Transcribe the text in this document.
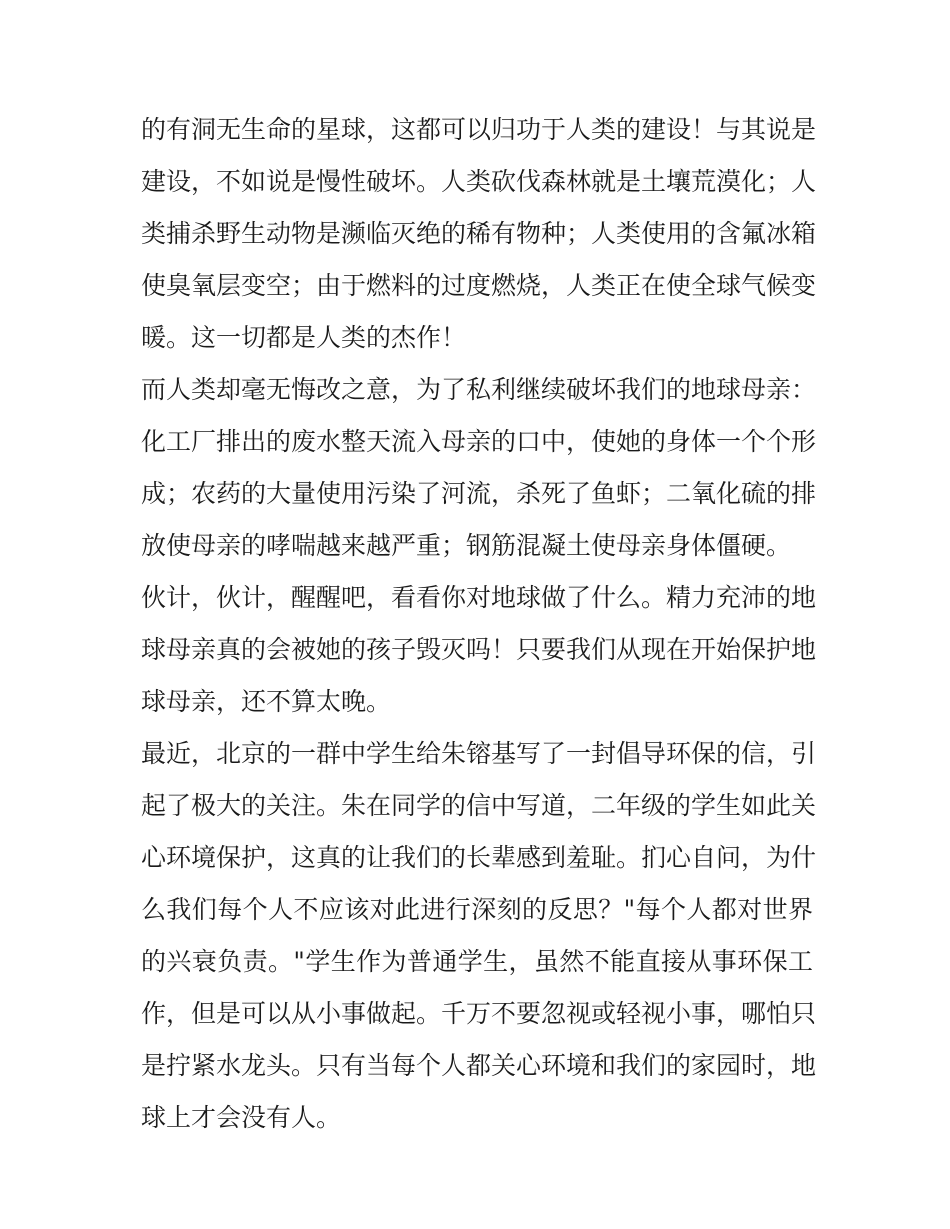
的有洞无生命的星球，这都可以归功于人类的建设！与其说是
建设，不如说是慢性破坏。人类砍伐森林就是土壤荒漠化；人
类捕杀野生动物是濒临灭绝的稀有物种；人类使用的含氟冰箱
使臭氧层变空；由于燃料的过度燃烧，人类正在使全球气候变
暖。这一切都是人类的杰作！
而人类却毫无悔改之意，为了私利继续破坏我们的地球母亲：
化工厂排出的废水整天流入母亲的口中，使她的身体一个个形
成；农药的大量使用污染了河流，杀死了鱼虾；二氧化硫的排
放使母亲的哮喘越来越严重；钢筋混凝土使母亲身体僵硬。
伙计，伙计，醒醒吧，看看你对地球做了什么。精力充沛的地
球母亲真的会被她的孩子毁灭吗！只要我们从现在开始保护地
球母亲，还不算太晚。
最近，北京的一群中学生给朱镕基写了一封倡导环保的信，引
起了极大的关注。朱在同学的信中写道，二年级的学生如此关
心环境保护，这真的让我们的长辈感到羞耻。扪心自问，为什
么我们每个人不应该对此进行深刻的反思？"每个人都对世界
的兴衰负责。"学生作为普通学生，虽然不能直接从事环保工
作，但是可以从小事做起。千万不要忽视或轻视小事，哪怕只
是拧紧水龙头。只有当每个人都关心环境和我们的家园时，地
球上才会没有人。
